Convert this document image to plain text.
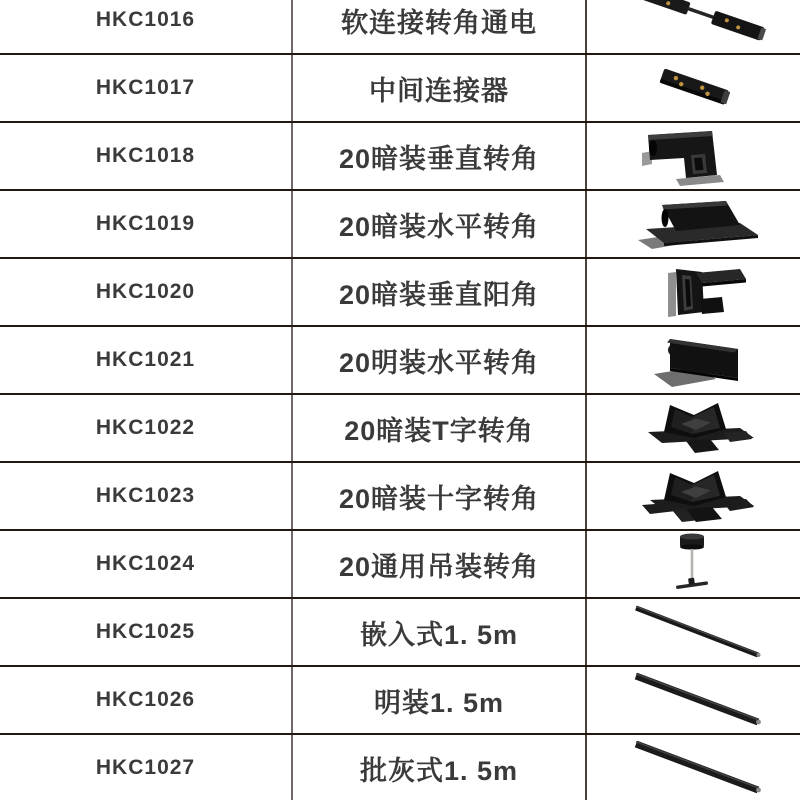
HKC1016	软连接转角通电
HKC1017	中间连接器
HKC1018	20暗装垂直转角
HKC1019	20暗装水平转角
HKC1020	20暗装垂直阳角
HKC1021	20明装水平转角
HKC1022	20暗装T字转角
HKC1023	20暗装十字转角
HKC1024	20通用吊装转角
HKC1025	嵌入式1. 5m
HKC1026	明装1. 5m
HKC1027	批灰式1. 5m
